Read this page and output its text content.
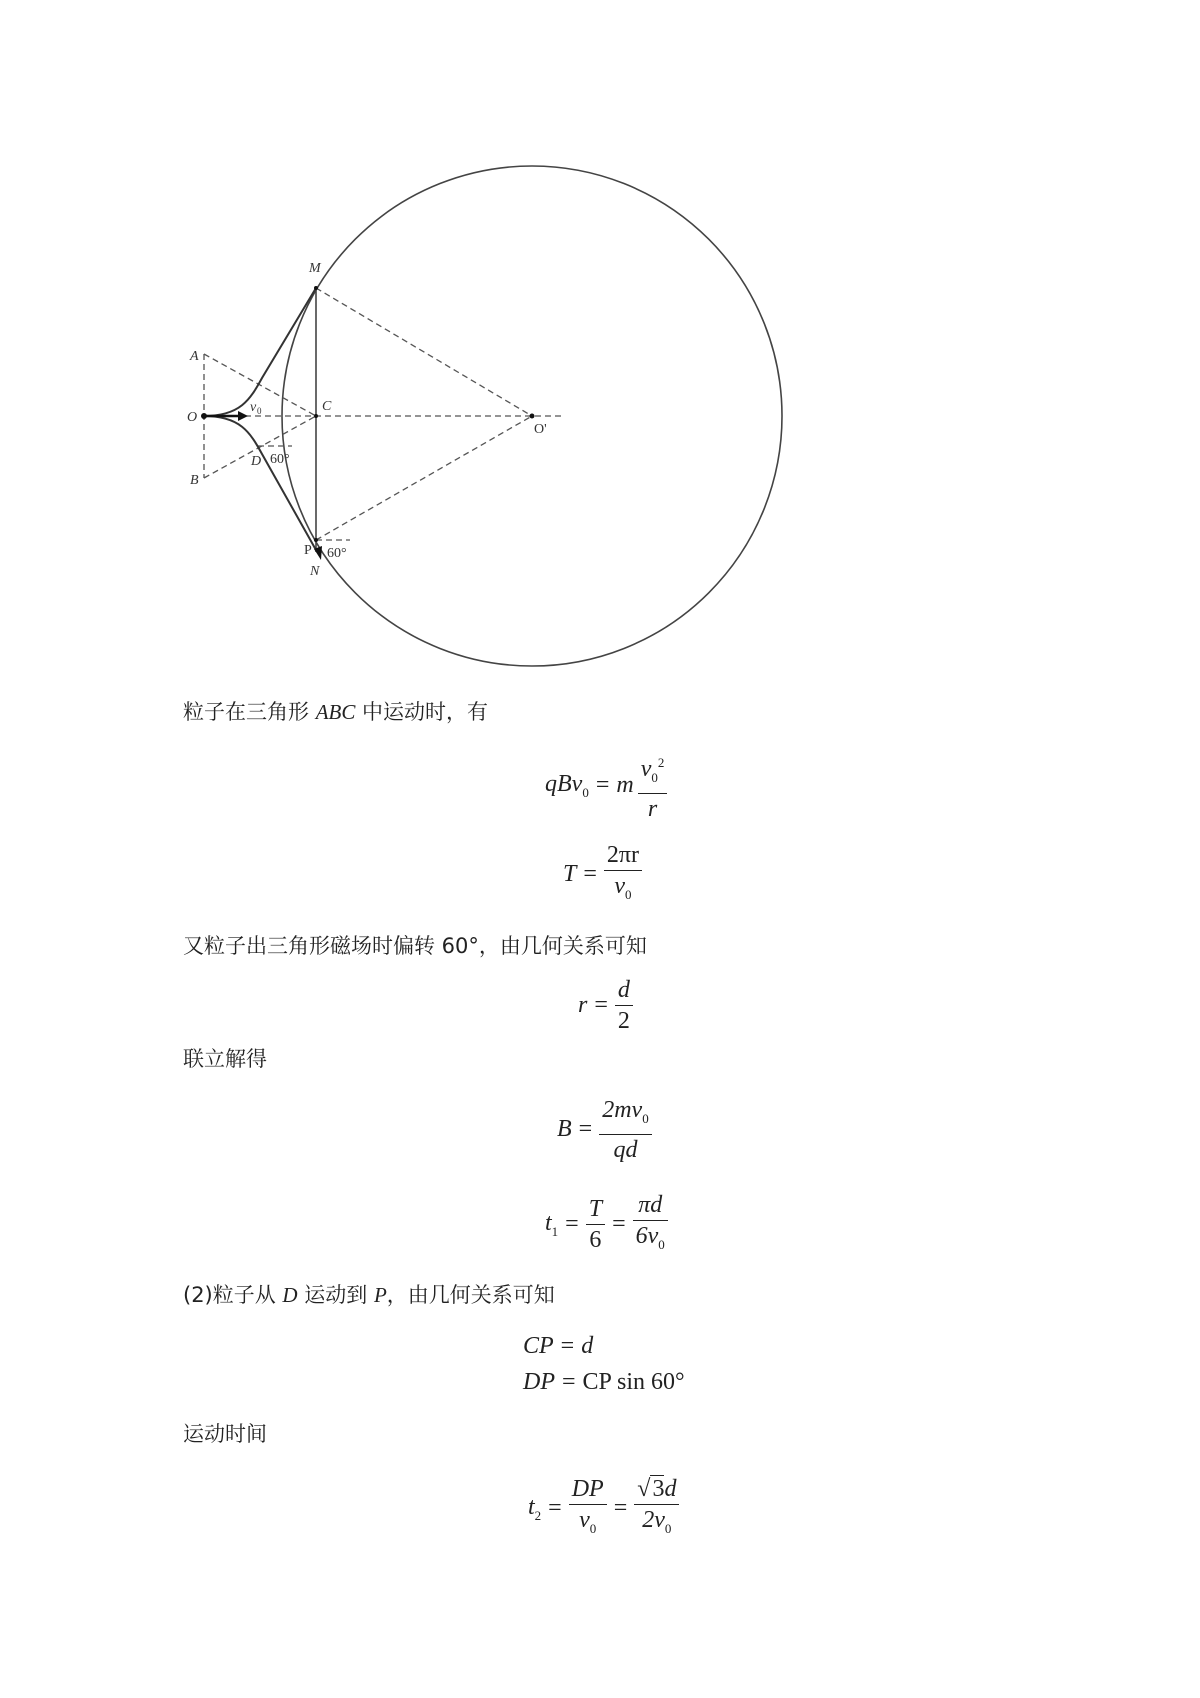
M
A
O
v 0	C
O'
D 60°
B
P 60°
N
粒子在三角形 ABC 中运动时，有
qBv$_0$ = m $\frac{v_0^2}{r}$
$T = \frac{2\pi r}{v_0}$
又粒子出三角形磁场时偏转 60°，由几何关系可知
$r = \frac{d}{2}$
联立解得
$B = \frac{2mv_0}{qd}$
$t_1 = \frac{T}{6} = \frac{\pi d}{6v_0}$
(2)粒子从 D 运动到 P，由几何关系可知
CP = d
DP = CP sin 60°
运动时间
$t_2 = \frac{DP}{v_0} = \frac{√3d}{2v_0}$
